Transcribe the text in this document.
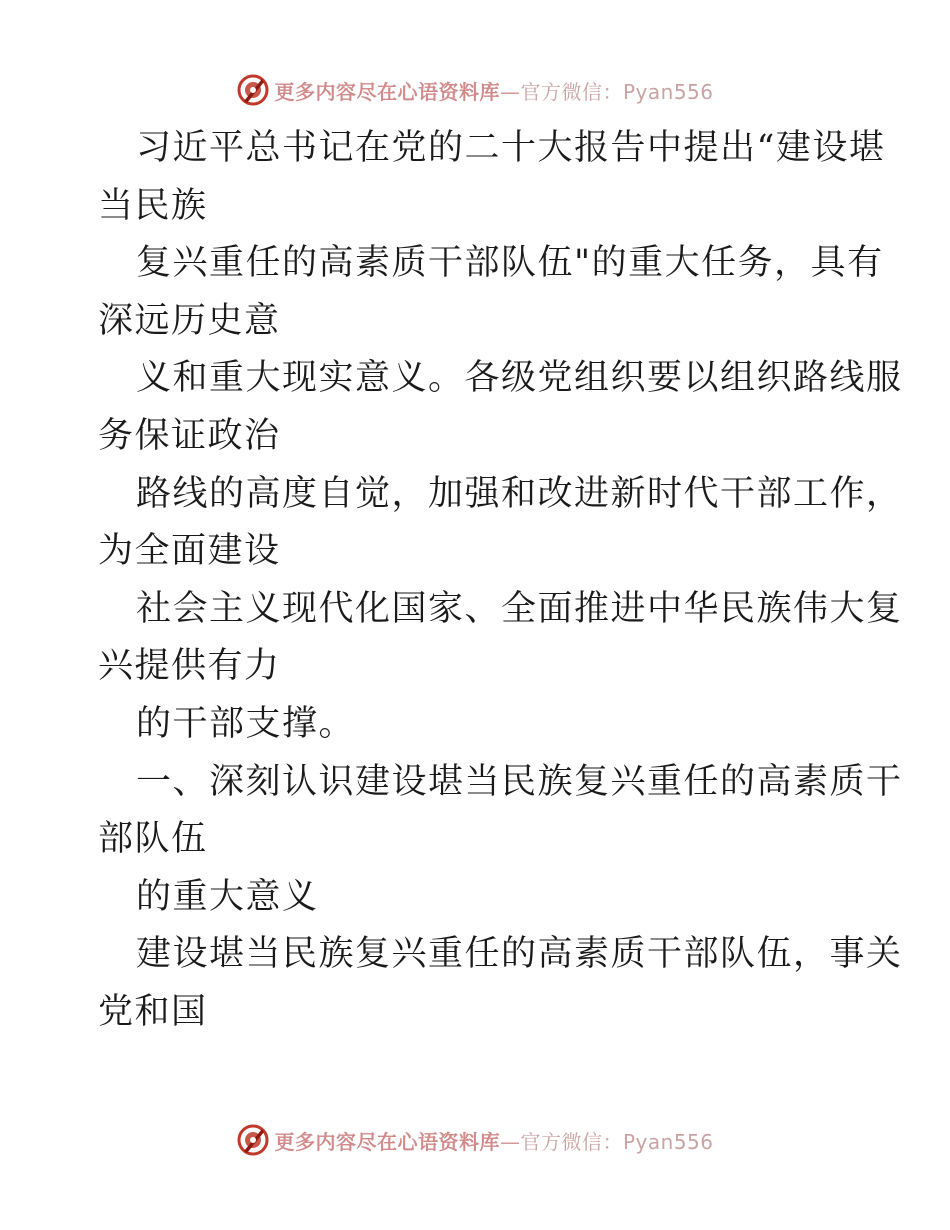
更多内容尽在心语资料库—官方微信：Pyan556
习近平总书记在党的二十大报告中提出“建设堪
当民族
复兴重任的高素质干部队伍"的重大任务，具有
深远历史意
义和重大现实意义。各级党组织要以组织路线服
务保证政治
路线的高度自觉，加强和改进新时代干部工作，
为全面建设
社会主义现代化国家、全面推进中华民族伟大复
兴提供有力
的干部支撑。
一、深刻认识建设堪当民族复兴重任的高素质干
部队伍
的重大意义
建设堪当民族复兴重任的高素质干部队伍，事关
党和国
更多内容尽在心语资料库—官方微信：Pyan556
